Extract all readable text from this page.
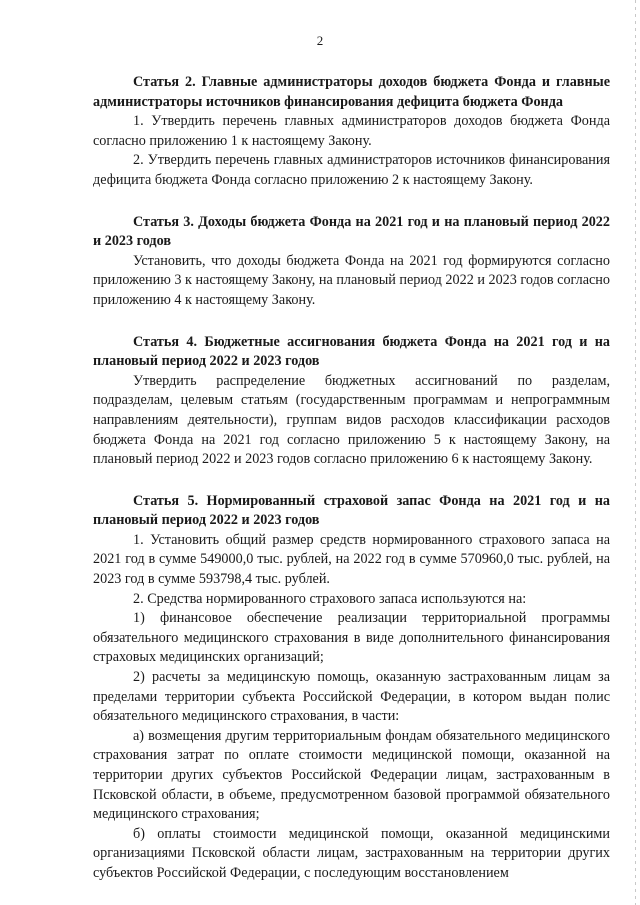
2

Статья 2. Главные администраторы доходов бюджета Фонда и главные администраторы источников финансирования дефицита бюджета Фонда

1. Утвердить перечень главных администраторов доходов бюджета Фонда согласно приложению 1 к настоящему Закону.

2. Утвердить перечень главных администраторов источников финансирования дефицита бюджета Фонда согласно приложению 2 к настоящему Закону.

Статья 3. Доходы бюджета Фонда на 2021 год и на плановый период 2022 и 2023 годов

Установить, что доходы бюджета Фонда на 2021 год формируются согласно приложению 3 к настоящему Закону, на плановый период 2022 и 2023 годов согласно приложению 4 к настоящему Закону.

Статья 4. Бюджетные ассигнования бюджета Фонда на 2021 год и на плановый период 2022 и 2023 годов

Утвердить распределение бюджетных ассигнований по разделам, подразделам, целевым статьям (государственным программам и непрограммным направлениям деятельности), группам видов расходов классификации расходов бюджета Фонда на 2021 год согласно приложению 5 к настоящему Закону, на плановый период 2022 и 2023 годов согласно приложению 6 к настоящему Закону.

Статья 5. Нормированный страховой запас Фонда на 2021 год и на плановый период 2022 и 2023 годов

1. Установить общий размер средств нормированного страхового запаса на 2021 год в сумме 549000,0 тыс. рублей, на 2022 год в сумме 570960,0 тыс. рублей, на 2023 год в сумме 593798,4 тыс. рублей.

2. Средства нормированного страхового запаса используются на:

1) финансовое обеспечение реализации территориальной программы обязательного медицинского страхования в виде дополнительного финансирования страховых медицинских организаций;

2) расчеты за медицинскую помощь, оказанную застрахованным лицам за пределами территории субъекта Российской Федерации, в котором выдан полис обязательного медицинского страхования, в части:

а) возмещения другим территориальным фондам обязательного медицинского страхования затрат по оплате стоимости медицинской помощи, оказанной на территории других субъектов Российской Федерации лицам, застрахованным в Псковской области, в объеме, предусмотренном базовой программой обязательного медицинского страхования;

б) оплаты стоимости медицинской помощи, оказанной медицинскими организациями Псковской области лицам, застрахованным на территории других субъектов Российской Федерации, с последующим восстановлением
